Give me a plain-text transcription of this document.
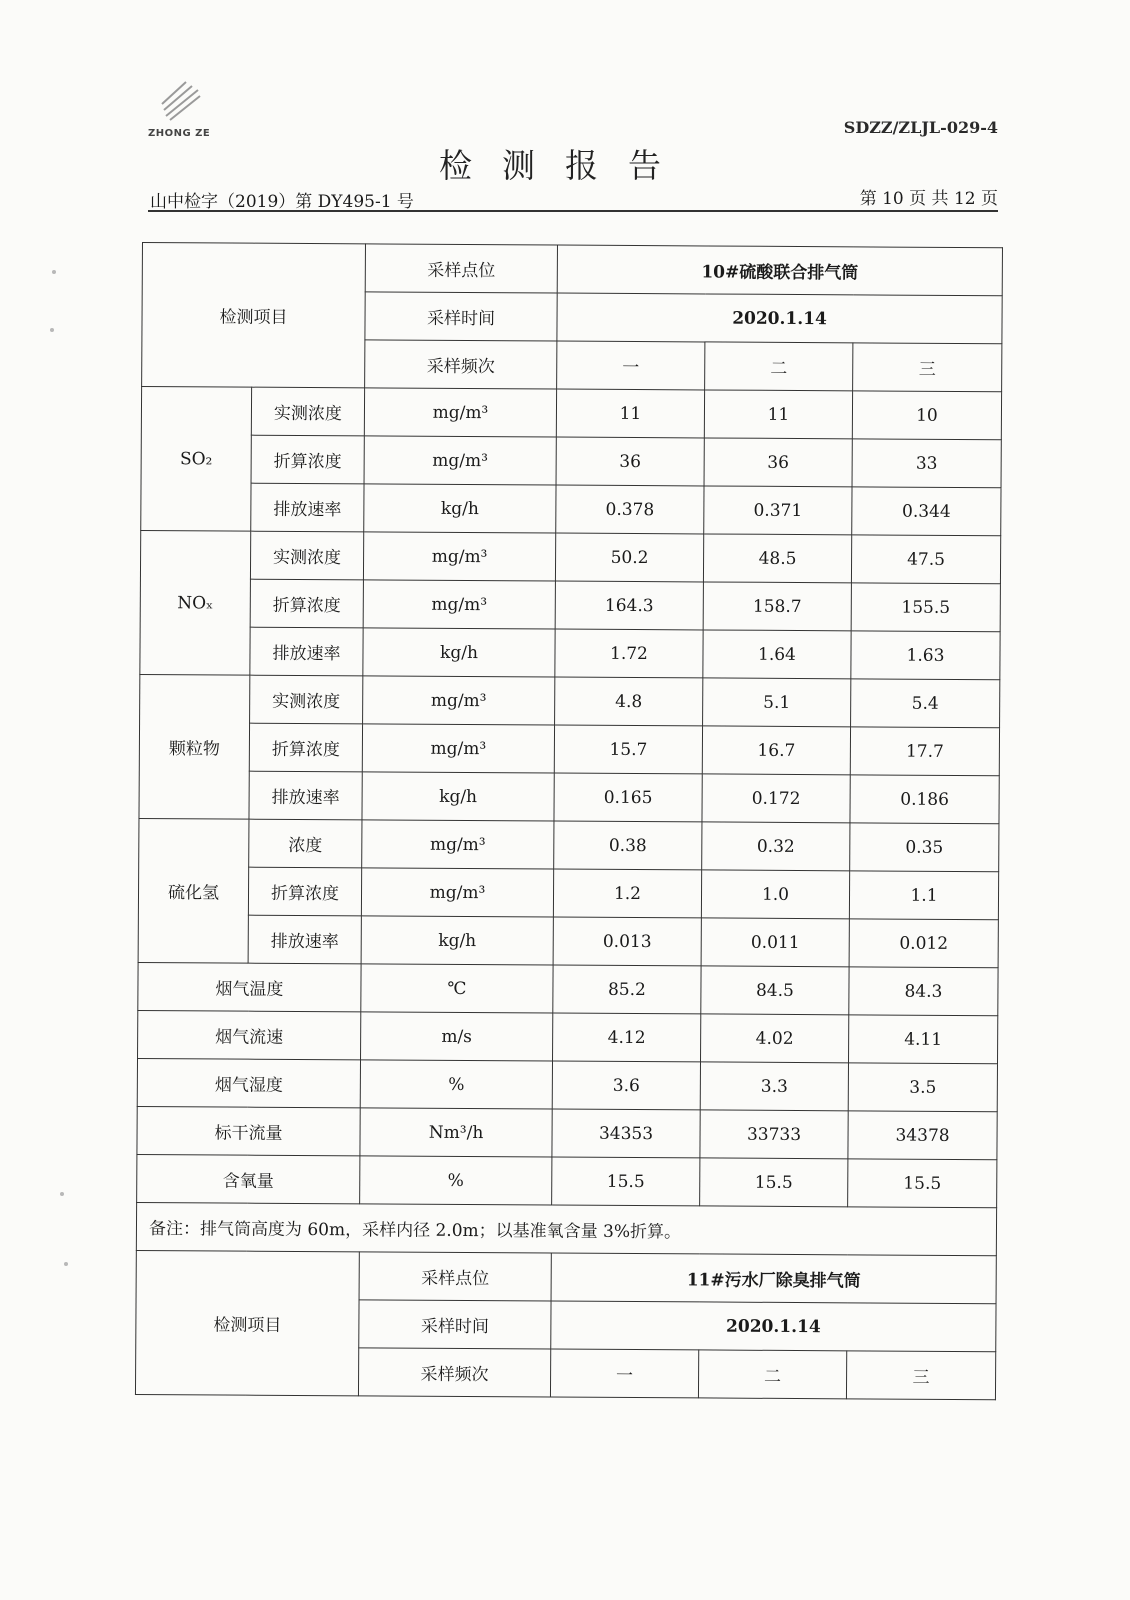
ZHONG ZE	SDZZ/ZLJL-029-4
检测报告
山中检字（2019）第 DY495-1 号	第 10 页 共 12 页
检测项目		采样点位	10#硫酸联合排气筒		
		采样时间	2020.1.14		
		采样频次	一	二	三
SO₂	实测浓度	mg/m³	11	11	10
	折算浓度	mg/m³	36	36	33
	排放速率	kg/h	0.378	0.371	0.344
NOₓ	实测浓度	mg/m³	50.2	48.5	47.5
	折算浓度	mg/m³	164.3	158.7	155.5
	排放速率	kg/h	1.72	1.64	1.63
颗粒物	实测浓度	mg/m³	4.8	5.1	5.4
	折算浓度	mg/m³	15.7	16.7	17.7
	排放速率	kg/h	0.165	0.172	0.186
硫化氢	浓度	mg/m³	0.38	0.32	0.35
	折算浓度	mg/m³	1.2	1.0	1.1
	排放速率	kg/h	0.013	0.011	0.012
烟气温度		℃	85.2	84.5	84.3
烟气流速		m/s	4.12	4.02	4.11
烟气湿度		%	3.6	3.3	3.5
标干流量		Nm³/h	34353	33733	34378
含氧量		%	15.5	15.5	15.5
备注：排气筒高度为 60m，采样内径 2.0m；以基准氧含量 3%折算。					
检测项目		采样点位	11#污水厂除臭排气筒		
		采样时间	2020.1.14		
		采样频次	一	二	三
